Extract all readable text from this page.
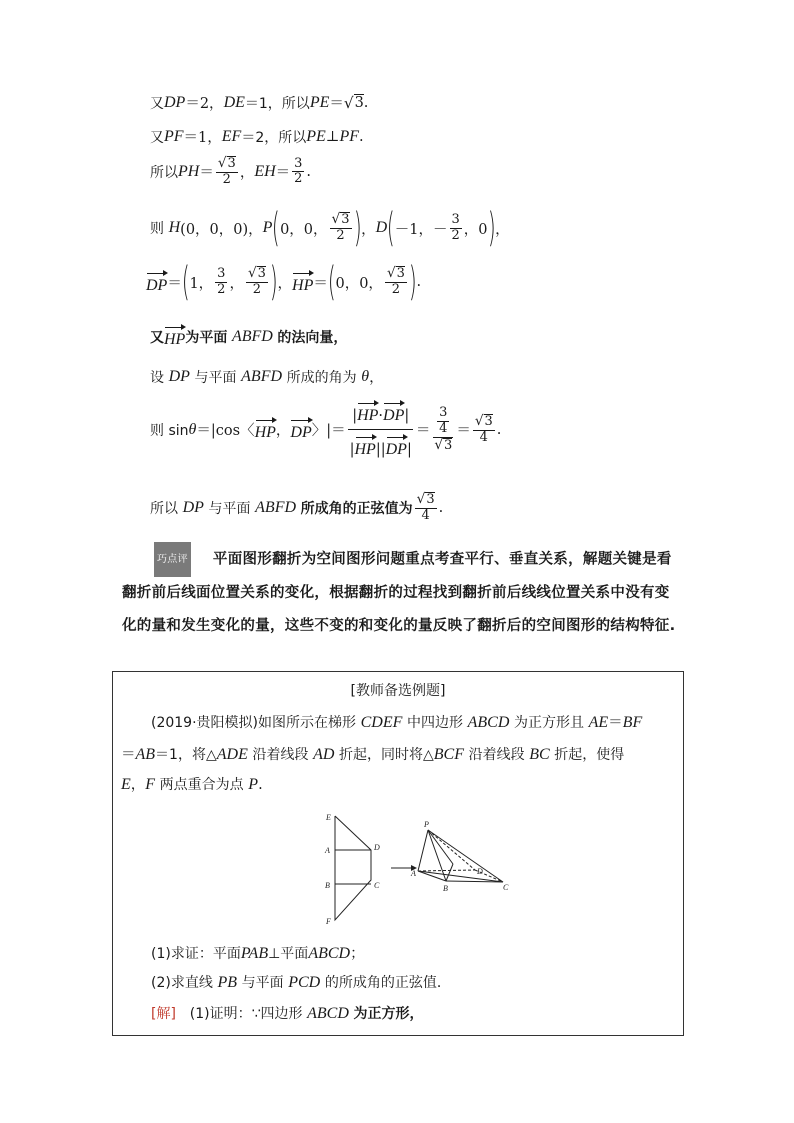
又 DP ＝2， DE ＝1，所以 PE ＝ √ 3 .
又 PF ＝1， EF ＝2，所以 PE ⊥ PF .
所以 PH ＝ $\frac{√ 3}{2}$ ， EH ＝ $\frac{3}{2}$ .
则
H (0，0，0)， P ( 0，0， $\frac{√ 3}{2}$ ) ， D ( －1，－ $\frac{3}{2}$ ，0 ) ，
DP ＝ ( 1， $\frac{3}{2}$ ， $\frac{√ 3}{2}$ ) ， HP ＝ ( 0，0， $\frac{√ 3}{2}$ ) .
又 HP 为平面
ABFD
的法向量，
设
DP
与平面
ABFD
所成的角为
θ ，
则 sin θ ＝|cos〈 HP ， DP 〉|＝ $\frac{|HP\cdot DP|}{|HP||DP|} = \frac{\frac{3}{4}}{√ 3} = \frac{√ 3}{4}$ .
所以
DP
与平面
ABFD
所成角的正弦值为 $\frac{√ 3}{4}$ .
巧点评 平面图形翻折为空间图形问题重点考查平行、垂直关系，解题关键是看翻折前后线面位置关系的变化，根据翻折的过程找到翻折前后线线位置关系中没有变化的量和发生变化的量，这些不变的和变化的量反映了翻折后的空间图形的结构特征.
[教师备选例题]
(2019·贵阳模拟)如图所示在梯形 CDEF 中四边形 ABCD 为正方形且 AE＝BF
＝AB＝1，将△ADE 沿着线段 AD 折起，同时将△BCF 沿着线段 BC 折起，使得
E，F 两点重合为点 P.
E
A
B
F
D
C
P
A
B
D
C
(1)求证：平面PAB⊥平面ABCD；
(2)求直线 PB 与平面 PCD 的所成角的正弦值．
[解] (1)证明：∵四边形 ABCD 为正方形，
